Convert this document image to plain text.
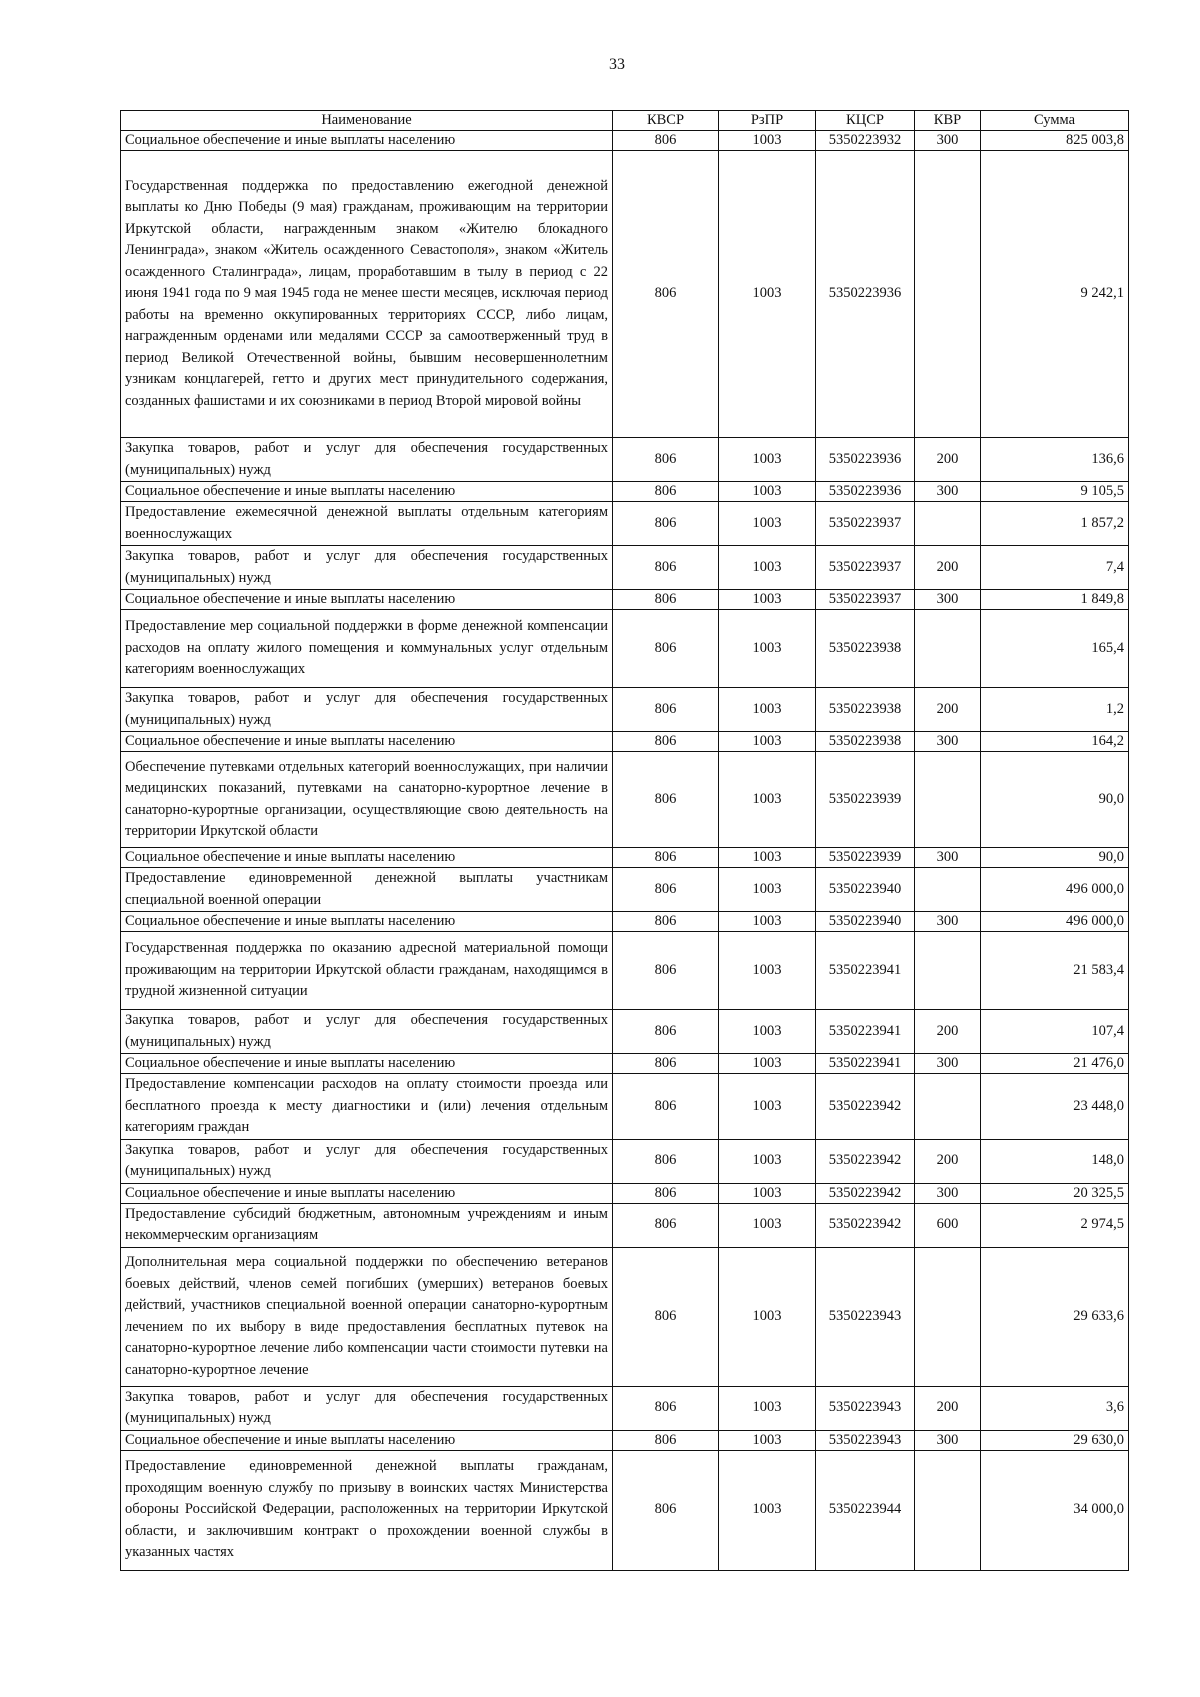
33
Наименование	КВСР	РзПР	КЦСР	КВР	Сумма
Социальное обеспечение и иные выплаты населению	806	1003	5350223932	300	825 003,8
Государственная поддержка по предоставлению ежегодной денежной выплаты ко Дню Победы (9 мая) гражданам, проживающим на территории Иркутской области, награжденным знаком «Жителю блокадного Ленинграда», знаком «Житель осажденного Севастополя», знаком «Житель осажденного Сталинграда», лицам, проработавшим в тылу в период с 22 июня 1941 года по 9 мая 1945 года не менее шести месяцев, исключая период работы на временно оккупированных территориях СССР, либо лицам, награжденным орденами или медалями СССР за самоотверженный труд в период Великой Отечественной войны, бывшим несовершеннолетним узникам концлагерей, гетто и других мест принудительного содержания, созданных фашистами и их союзниками в период Второй мировой войны	806	1003	5350223936		9 242,1
Закупка товаров, работ и услуг для обеспечения государственных (муниципальных) нужд	806	1003	5350223936	200	136,6
Социальное обеспечение и иные выплаты населению	806	1003	5350223936	300	9 105,5
Предоставление ежемесячной денежной выплаты отдельным категориям военнослужащих	806	1003	5350223937		1 857,2
Закупка товаров, работ и услуг для обеспечения государственных (муниципальных) нужд	806	1003	5350223937	200	7,4
Социальное обеспечение и иные выплаты населению	806	1003	5350223937	300	1 849,8
Предоставление мер социальной поддержки в форме денежной компенсации расходов на оплату жилого помещения и коммунальных услуг отдельным категориям военнослужащих	806	1003	5350223938		165,4
Закупка товаров, работ и услуг для обеспечения государственных (муниципальных) нужд	806	1003	5350223938	200	1,2
Социальное обеспечение и иные выплаты населению	806	1003	5350223938	300	164,2
Обеспечение путевками отдельных категорий военнослужащих, при наличии медицинских показаний, путевками на санаторно-курортное лечение в санаторно-курортные организации, осуществляющие свою деятельность на территории Иркутской области	806	1003	5350223939		90,0
Социальное обеспечение и иные выплаты населению	806	1003	5350223939	300	90,0
Предоставление единовременной денежной выплаты участникам специальной военной операции	806	1003	5350223940		496 000,0
Социальное обеспечение и иные выплаты населению	806	1003	5350223940	300	496 000,0
Государственная поддержка по оказанию адресной материальной помощи проживающим на территории Иркутской области гражданам, находящимся в трудной жизненной ситуации	806	1003	5350223941		21 583,4
Закупка товаров, работ и услуг для обеспечения государственных (муниципальных) нужд	806	1003	5350223941	200	107,4
Социальное обеспечение и иные выплаты населению	806	1003	5350223941	300	21 476,0
Предоставление компенсации расходов на оплату стоимости проезда или бесплатного проезда к месту диагностики и (или) лечения отдельным категориям граждан	806	1003	5350223942		23 448,0
Закупка товаров, работ и услуг для обеспечения государственных (муниципальных) нужд	806	1003	5350223942	200	148,0
Социальное обеспечение и иные выплаты населению	806	1003	5350223942	300	20 325,5
Предоставление субсидий бюджетным, автономным учреждениям и иным некоммерческим организациям	806	1003	5350223942	600	2 974,5
Дополнительная мера социальной поддержки по обеспечению ветеранов боевых действий, членов семей погибших (умерших) ветеранов боевых действий, участников специальной военной операции санаторно-курортным лечением по их выбору в виде предоставления бесплатных путевок на санаторно-курортное лечение либо компенсации части стоимости путевки на санаторно-курортное лечение	806	1003	5350223943		29 633,6
Закупка товаров, работ и услуг для обеспечения государственных (муниципальных) нужд	806	1003	5350223943	200	3,6
Социальное обеспечение и иные выплаты населению	806	1003	5350223943	300	29 630,0
Предоставление единовременной денежной выплаты гражданам, проходящим военную службу по призыву в воинских частях Министерства обороны Российской Федерации, расположенных на территории Иркутской области, и заключившим контракт о прохождении военной службы в указанных частях	806	1003	5350223944		34 000,0
